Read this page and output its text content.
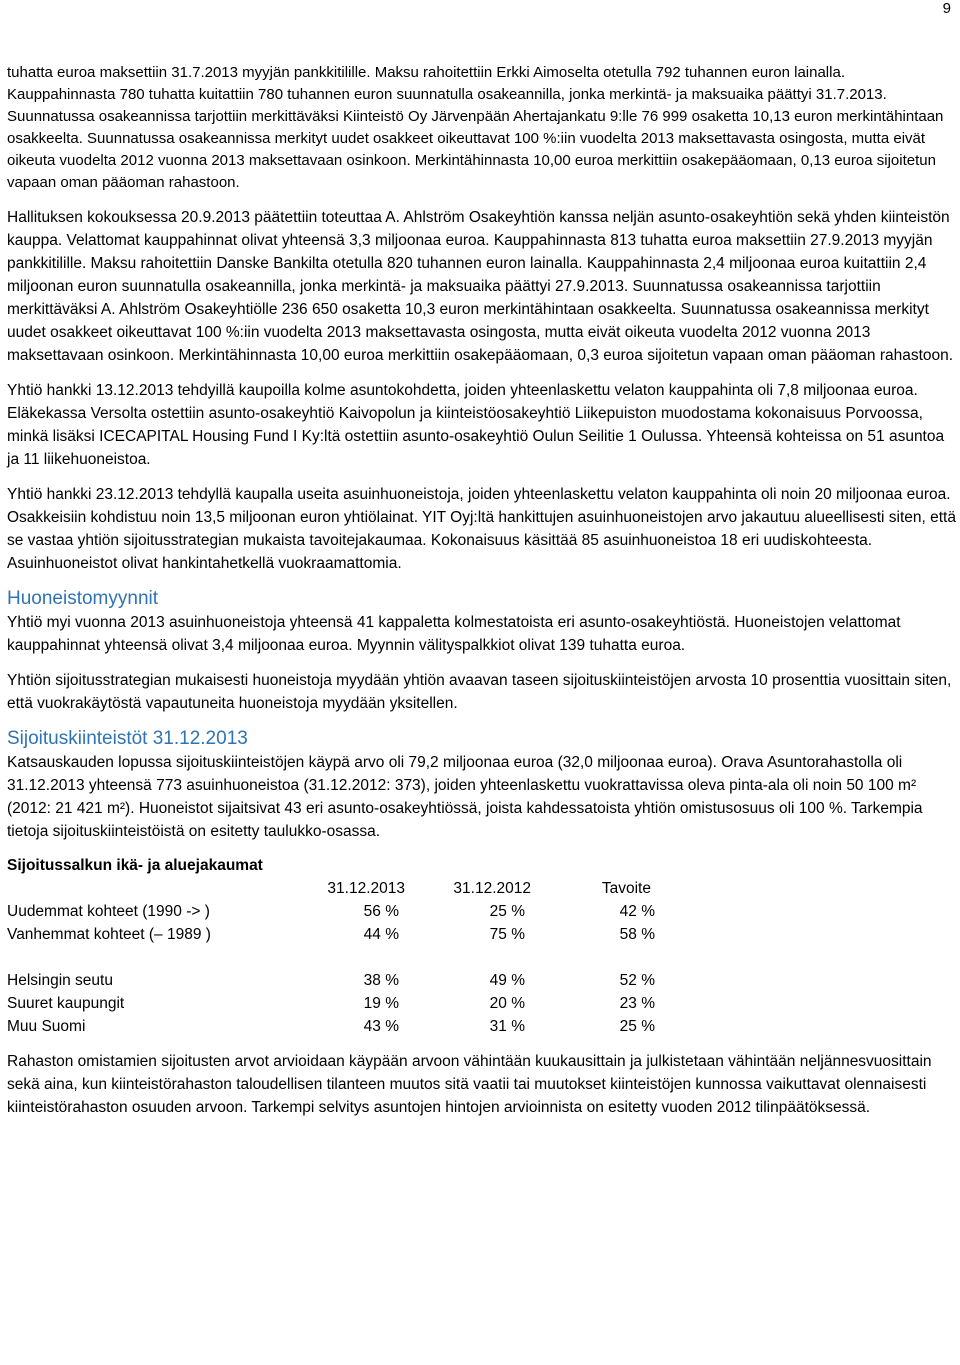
9

tuhatta euroa maksettiin 31.7.2013 myyjän pankkitilille. Maksu rahoitettiin Erkki Aimoselta otetulla 792 tuhannen euron lainalla. Kauppahinnasta 780 tuhatta kuitattiin 780 tuhannen euron suunnatulla osakeannilla, jonka merkintä- ja maksuaika päättyi 31.7.2013. Suunnatussa osakeannissa tarjottiin merkittäväksi Kiinteistö Oy Järvenpään Ahertajankatu 9:lle 76 999 osaketta 10,13 euron merkintähintaan osakkeelta. Suunnatussa osakeannissa merkityt uudet osakkeet oikeuttavat 100 %:iin vuodelta 2013 maksettavasta osingosta, mutta eivät oikeuta vuodelta 2012 vuonna 2013 maksettavaan osinkoon. Merkintähinnasta 10,00 euroa merkittiin osakepääomaan, 0,13 euroa sijoitetun vapaan oman pääoman rahastoon.

Hallituksen kokouksessa 20.9.2013 päätettiin toteuttaa A. Ahlström Osakeyhtiön kanssa neljän asunto-osakeyhtiön sekä yhden kiinteistön kauppa. Velattomat kauppahinnat olivat yhteensä 3,3 miljoonaa euroa. Kauppahinnasta 813 tuhatta euroa maksettiin 27.9.2013 myyjän pankkitilille. Maksu rahoitettiin Danske Bankilta otetulla 820 tuhannen euron lainalla. Kauppahinnasta 2,4 miljoonaa euroa kuitattiin 2,4 miljoonan euron suunnatulla osakeannilla, jonka merkintä- ja maksuaika päättyi 27.9.2013. Suunnatussa osakeannissa tarjottiin merkittäväksi A. Ahlström Osakeyhtiölle 236 650 osaketta 10,3 euron merkintähintaan osakkeelta. Suunnatussa osakeannissa merkityt uudet osakkeet oikeuttavat 100 %:iin vuodelta 2013 maksettavasta osingosta, mutta eivät oikeuta vuodelta 2012 vuonna 2013 maksettavaan osinkoon. Merkintähinnasta 10,00 euroa merkittiin osakepääomaan, 0,3 euroa sijoitetun vapaan oman pääoman rahastoon.

Yhtiö hankki 13.12.2013 tehdyillä kaupoilla kolme asuntokohdetta, joiden yhteenlaskettu velaton kauppahinta oli 7,8 miljoonaa euroa. Eläkekassa Versolta ostettiin asunto-osakeyhtiö Kaivopolun ja kiinteistöosakeyhtiö Liikepuiston muodostama kokonaisuus Porvoossa, minkä lisäksi ICECAPITAL Housing Fund I Ky:ltä ostettiin asunto-osakeyhtiö Oulun Seilitie 1 Oulussa. Yhteensä kohteissa on 51 asuntoa ja 11 liikehuoneistoa.

Yhtiö hankki 23.12.2013 tehdyllä kaupalla useita asuinhuoneistoja, joiden yhteenlaskettu velaton kauppahinta oli noin 20 miljoonaa euroa. Osakkeisiin kohdistuu noin 13,5 miljoonan euron yhtiölainat. YIT Oyj:ltä hankittujen asuinhuoneistojen arvo jakautuu alueellisesti siten, että se vastaa yhtiön sijoitusstrategian mukaista tavoitejakaumaa. Kokonaisuus käsittää 85 asuinhuoneistoa 18 eri uudiskohteesta. Asuinhuoneistot olivat hankintahetkellä vuokraamattomia.

Huoneistomyynnit

Yhtiö myi vuonna 2013 asuinhuoneistoja yhteensä 41 kappaletta kolmestatoista eri asunto-osakeyhtiöstä. Huoneistojen velattomat kauppahinnat yhteensä olivat 3,4 miljoonaa euroa. Myynnin välityspalkkiot olivat 139 tuhatta euroa.

Yhtiön sijoitusstrategian mukaisesti huoneistoja myydään yhtiön avaavan taseen sijoituskiinteistöjen arvosta 10 prosenttia vuosittain siten, että vuokrakäytöstä vapautuneita huoneistoja myydään yksitellen.

Sijoituskiinteistöt 31.12.2013

Katsauskauden lopussa sijoituskiinteistöjen käypä arvo oli 79,2 miljoonaa euroa (32,0 miljoonaa euroa). Orava Asuntorahastolla oli 31.12.2013 yhteensä 773 asuinhuoneistoa (31.12.2012: 373), joiden yhteenlaskettu vuokrattavissa oleva pinta-ala oli noin 50 100 m² (2012: 21 421 m²). Huoneistot sijaitsivat 43 eri asunto-osakeyhtiössä, joista kahdessatoista yhtiön omistusosuus oli 100 %. Tarkempia tietoja sijoituskiinteistöistä on esitetty taulukko-osassa.

Sijoitussalkun ikä- ja aluejakaumat

	31.12.2013	31.12.2012	Tavoite
Uudemmat kohteet (1990 -> )	56 %	25 %	42 %
Vanhemmat kohteet (– 1989 )	44 %	75 %	58 %

Helsingin seutu	38 %	49 %	52 %
Suuret kaupungit	19 %	20 %	23 %
Muu Suomi	43 %	31 %	25 %

Rahaston omistamien sijoitusten arvot arvioidaan käypään arvoon vähintään kuukausittain ja julkistetaan vähintään neljännesvuosittain sekä aina, kun kiinteistörahaston taloudellisen tilanteen muutos sitä vaatii tai muutokset kiinteistöjen kunnossa vaikuttavat olennaisesti kiinteistörahaston osuuden arvoon. Tarkempi selvitys asuntojen hintojen arvioinnista on esitetty vuoden 2012 tilinpäätöksessä.
